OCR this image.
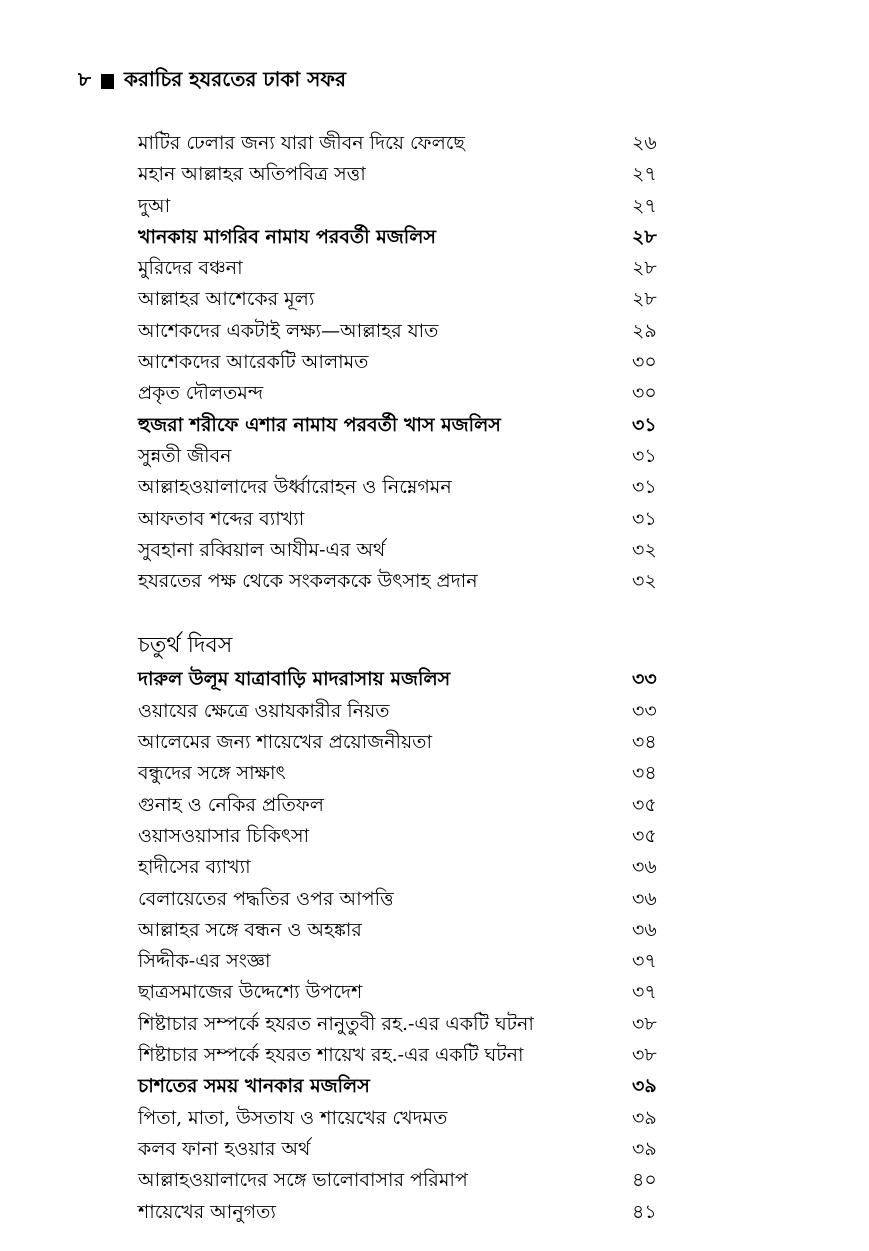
৮ করাচির হযরতের ঢাকা সফর
মাটির ঢেলার জন্য যারা জীবন দিয়ে ফেলছে	২৬
মহান আল্লাহর অতিপবিত্র সত্তা	২৭
দুআ	২৭
খানকায় মাগরিব নামায পরবর্তী মজলিস	২৮
মুরিদের বঞ্চনা	২৮
আল্লাহর আশেকের মূল্য	২৮
আশেকদের একটাই লক্ষ্য—আল্লাহর যাত	২৯
আশেকদের আরেকটি আলামত	৩০
প্রকৃত দৌলতমন্দ	৩০
হুজরা শরীফে এশার নামায পরবর্তী খাস মজলিস	৩১
সুন্নতী জীবন	৩১
আল্লাহওয়ালাদের উর্ধ্বারোহন ও নিম্নেগমন	৩১
আফতাব শব্দের ব্যাখ্যা	৩১
সুবহানা রব্বিয়াল আযীম-এর অর্থ	৩২
হযরতের পক্ষ থেকে সংকলককে উৎসাহ প্রদান	৩২
চতুর্থ দিবস
দারুল উলূম যাত্রাবাড়ি মাদরাসায় মজলিস	৩৩
ওয়াযের ক্ষেত্রে ওয়াযকারীর নিয়ত	৩৩
আলেমের জন্য শায়েখের প্রয়োজনীয়তা	৩৪
বন্ধুদের সঙ্গে সাক্ষাৎ	৩৪
গুনাহ ও নেকির প্রতিফল	৩৫
ওয়াসওয়াসার চিকিৎসা	৩৫
হাদীসের ব্যাখ্যা	৩৬
বেলায়েতের পদ্ধতির ওপর আপত্তি	৩৬
আল্লাহর সঙ্গে বন্ধন ও অহঙ্কার	৩৬
সিদ্দীক-এর সংজ্ঞা	৩৭
ছাত্রসমাজের উদ্দেশ্যে উপদেশ	৩৭
শিষ্টাচার সম্পর্কে হযরত নানুতুবী রহ.-এর একটি ঘটনা	৩৮
শিষ্টাচার সম্পর্কে হযরত শায়েখ রহ.-এর একটি ঘটনা	৩৮
চাশতের সময় খানকার মজলিস	৩৯
পিতা, মাতা, উসতায ও শায়েখের খেদমত	৩৯
কলব ফানা হওয়ার অর্থ	৩৯
আল্লাহওয়ালাদের সঙ্গে ভালোবাসার পরিমাপ	৪০
শায়েখের আনুগত্য	৪১
